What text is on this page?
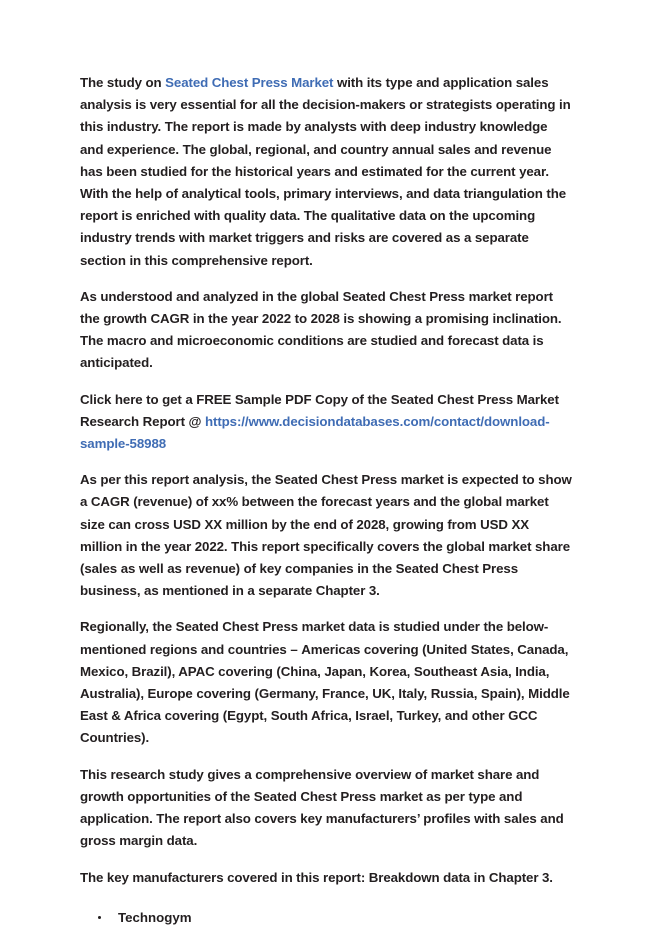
The study on Seated Chest Press Market with its type and application sales analysis is very essential for all the decision-makers or strategists operating in this industry. The report is made by analysts with deep industry knowledge and experience. The global, regional, and country annual sales and revenue has been studied for the historical years and estimated for the current year. With the help of analytical tools, primary interviews, and data triangulation the report is enriched with quality data. The qualitative data on the upcoming industry trends with market triggers and risks are covered as a separate section in this comprehensive report.

As understood and analyzed in the global Seated Chest Press market report the growth CAGR in the year 2022 to 2028 is showing a promising inclination. The macro and microeconomic conditions are studied and forecast data is anticipated.

Click here to get a FREE Sample PDF Copy of the Seated Chest Press Market Research Report @ https://www.decisiondatabases.com/contact/download-sample-58988

As per this report analysis, the Seated Chest Press market is expected to show a CAGR (revenue) of xx% between the forecast years and the global market size can cross USD XX million by the end of 2028, growing from USD XX million in the year 2022. This report specifically covers the global market share (sales as well as revenue) of key companies in the Seated Chest Press business, as mentioned in a separate Chapter 3.

Regionally, the Seated Chest Press market data is studied under the below-mentioned regions and countries – Americas covering (United States, Canada, Mexico, Brazil), APAC covering (China, Japan, Korea, Southeast Asia, India, Australia), Europe covering (Germany, France, UK, Italy, Russia, Spain), Middle East & Africa covering (Egypt, South Africa, Israel, Turkey, and other GCC Countries).

This research study gives a comprehensive overview of market share and growth opportunities of the Seated Chest Press market as per type and application. The report also covers key manufacturers’ profiles with sales and gross margin data.

The key manufacturers covered in this report: Breakdown data in Chapter 3.

Technogym
